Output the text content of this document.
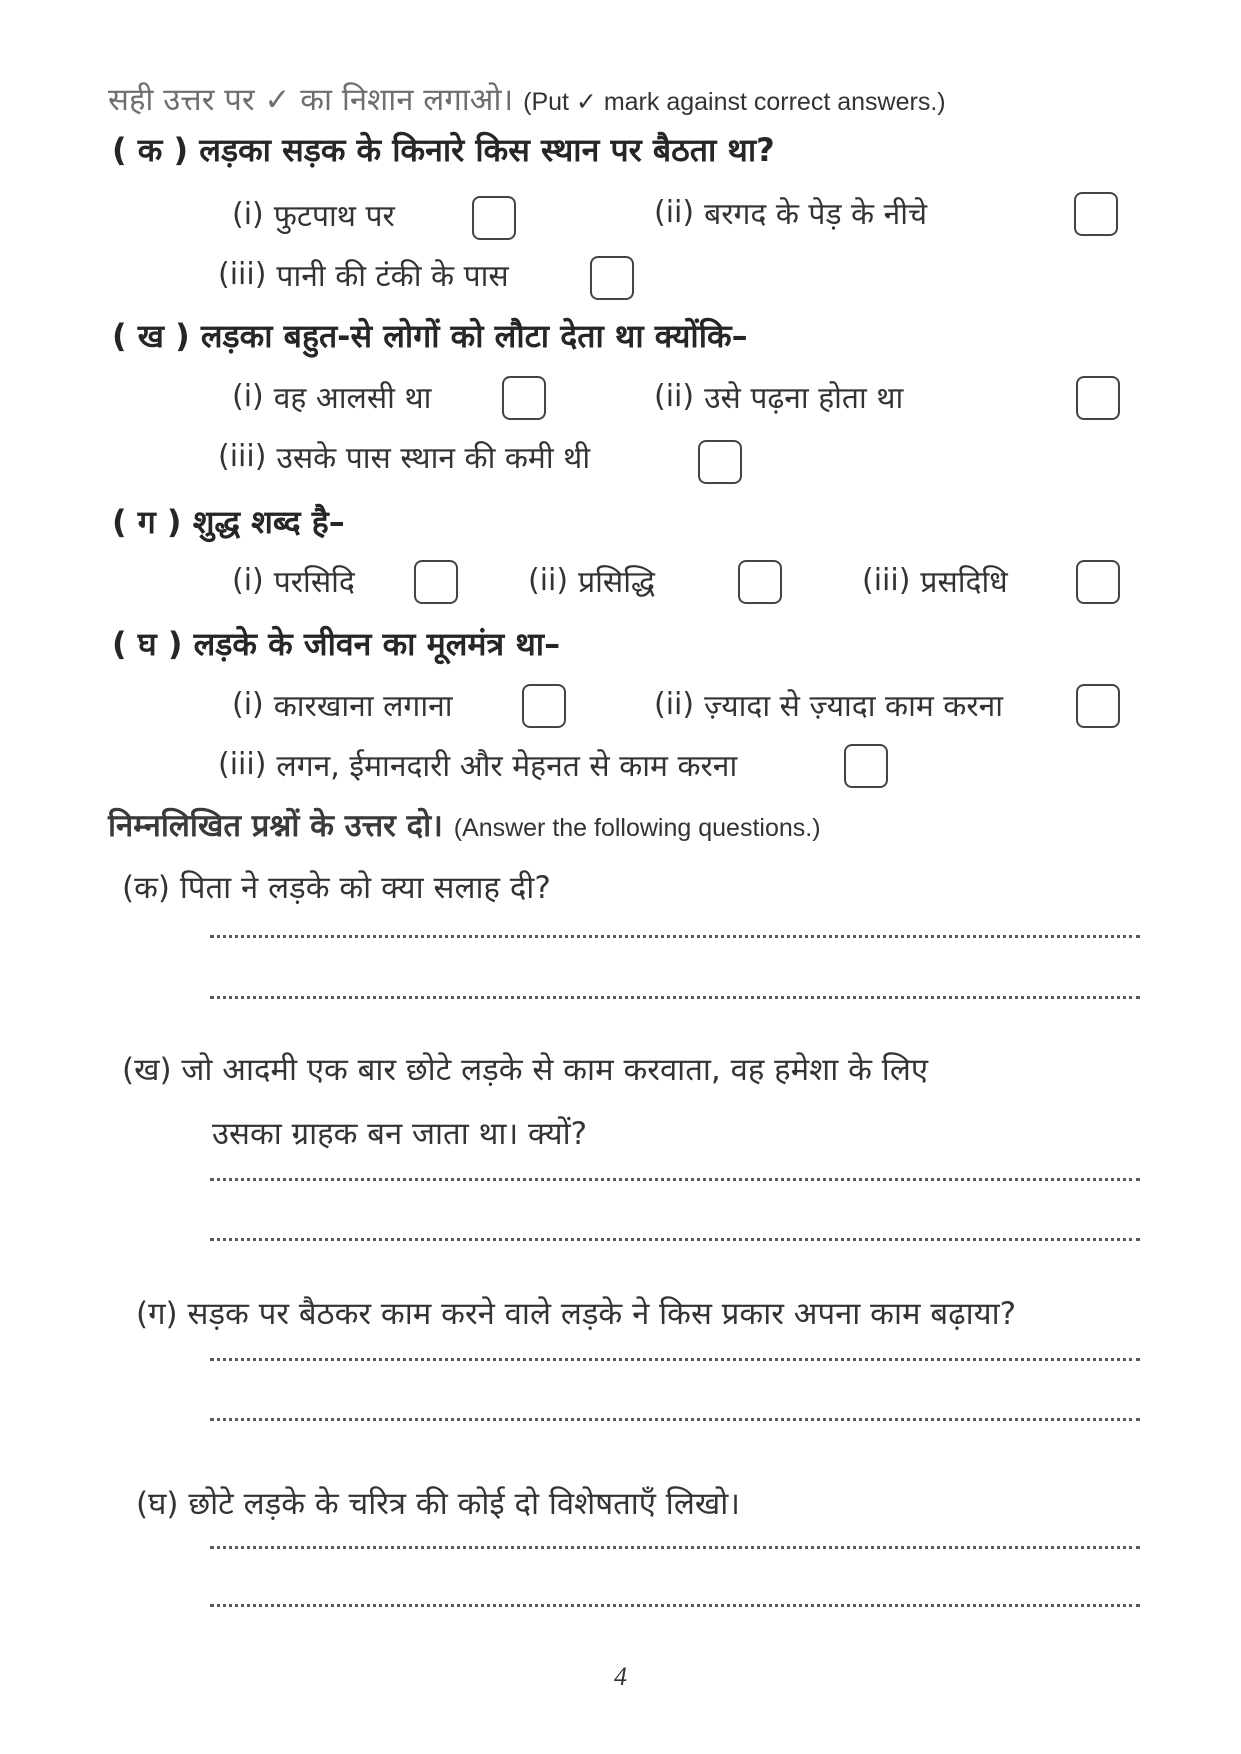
सही उत्तर पर ✓ का निशान लगाओ। (Put ✓ mark against correct answers.)
( क ) लड़का सड़क के किनारे किस स्थान पर बैठता था?
(i) फुटपाथ पर	(ii) बरगद के पेड़ के नीचे
(iii) पानी की टंकी के पास
( ख ) लड़का बहुत-से लोगों को लौटा देता था क्योंकि–
(i) वह आलसी था	(ii) उसे पढ़ना होता था
(iii) उसके पास स्थान की कमी थी
( ग ) शुद्ध शब्द है–
(i) परसिदि	(ii) प्रसिद्धि	(iii) प्रसदिधि
( घ ) लड़के के जीवन का मूलमंत्र था–
(i) कारखाना लगाना	(ii) ज़्यादा से ज़्यादा काम करना
(iii) लगन, ईमानदारी और मेहनत से काम करना
निम्नलिखित प्रश्नों के उत्तर दो। (Answer the following questions.)
(क) पिता ने लड़के को क्या सलाह दी?
(ख) जो आदमी एक बार छोटे लड़के से काम करवाता, वह हमेशा के लिए
उसका ग्राहक बन जाता था। क्यों?
(ग) सड़क पर बैठकर काम करने वाले लड़के ने किस प्रकार अपना काम बढ़ाया?
(घ) छोटे लड़के के चरित्र की कोई दो विशेषताएँ लिखो।
4
